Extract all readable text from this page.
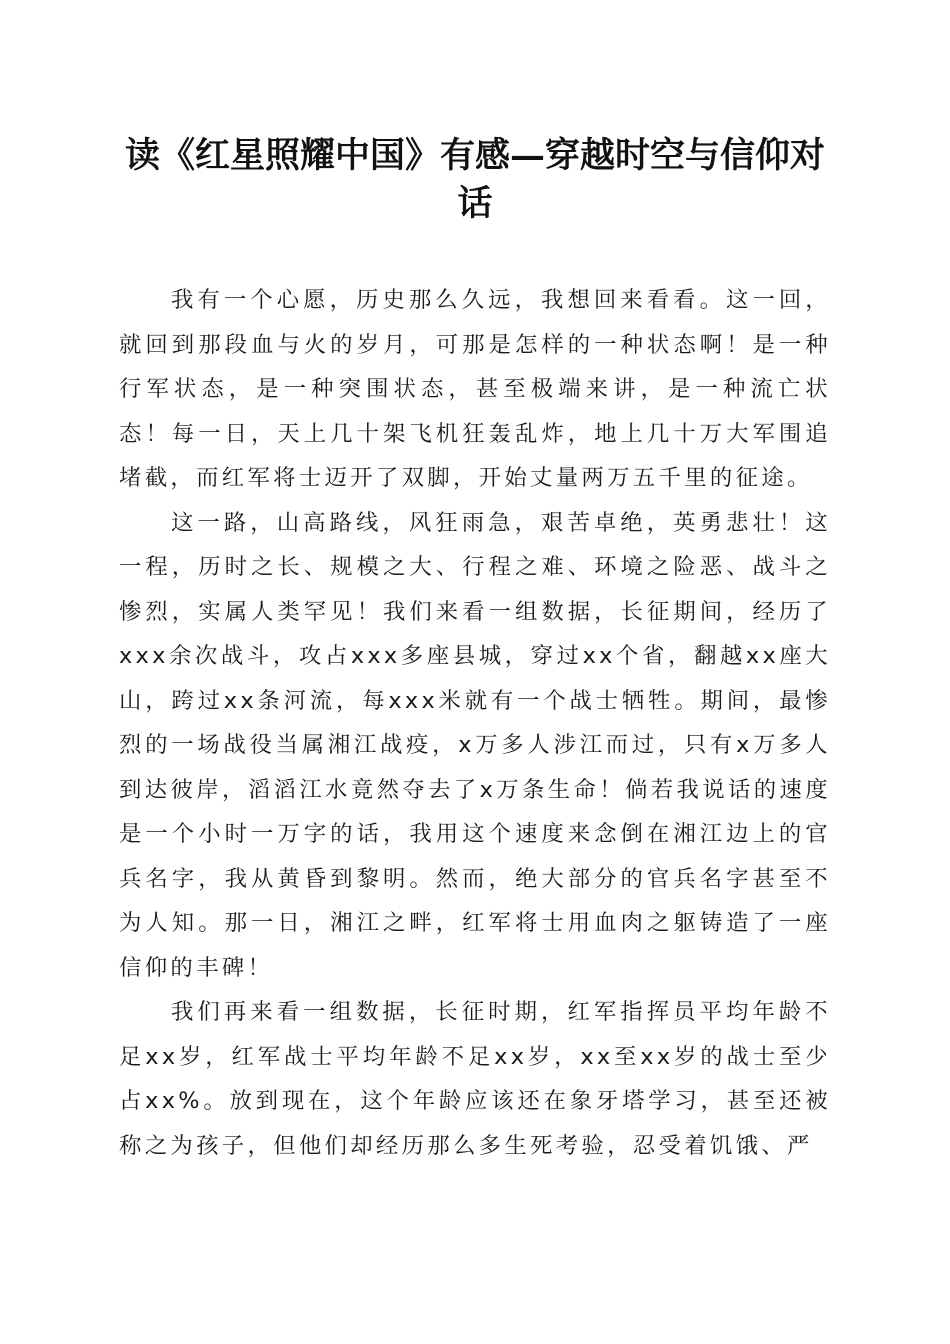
读《红星照耀中国》有感—穿越时空与信仰对话

我有一个心愿，历史那么久远，我想回来看看。这一回，就回到那段血与火的岁月，可那是怎样的一种状态啊！是一种行军状态，是一种突围状态，甚至极端来讲，是一种流亡状态！每一日，天上几十架飞机狂轰乱炸，地上几十万大军围追堵截，而红军将士迈开了双脚，开始丈量两万五千里的征途。

这一路，山高路线，风狂雨急，艰苦卓绝，英勇悲壮！这一程，历时之长、规模之大、行程之难、环境之险恶、战斗之惨烈，实属人类罕见！我们来看一组数据，长征期间，经历了xxx余次战斗，攻占xxx多座县城，穿过xx个省，翻越xx座大山，跨过xx条河流，每xxx米就有一个战士牺牲。期间，最惨烈的一场战役当属湘江战疫，x万多人涉江而过，只有x万多人到达彼岸，滔滔江水竟然夺去了x万条生命！倘若我说话的速度是一个小时一万字的话，我用这个速度来念倒在湘江边上的官兵名字，我从黄昏到黎明。然而，绝大部分的官兵名字甚至不为人知。那一日，湘江之畔，红军将士用血肉之躯铸造了一座信仰的丰碑！

我们再来看一组数据，长征时期，红军指挥员平均年龄不足xx岁，红军战士平均年龄不足xx岁，xx至xx岁的战士至少占xx%。放到现在，这个年龄应该还在象牙塔学习，甚至还被称之为孩子，但他们却经历那么多生死考验，忍受着饥饿、严
